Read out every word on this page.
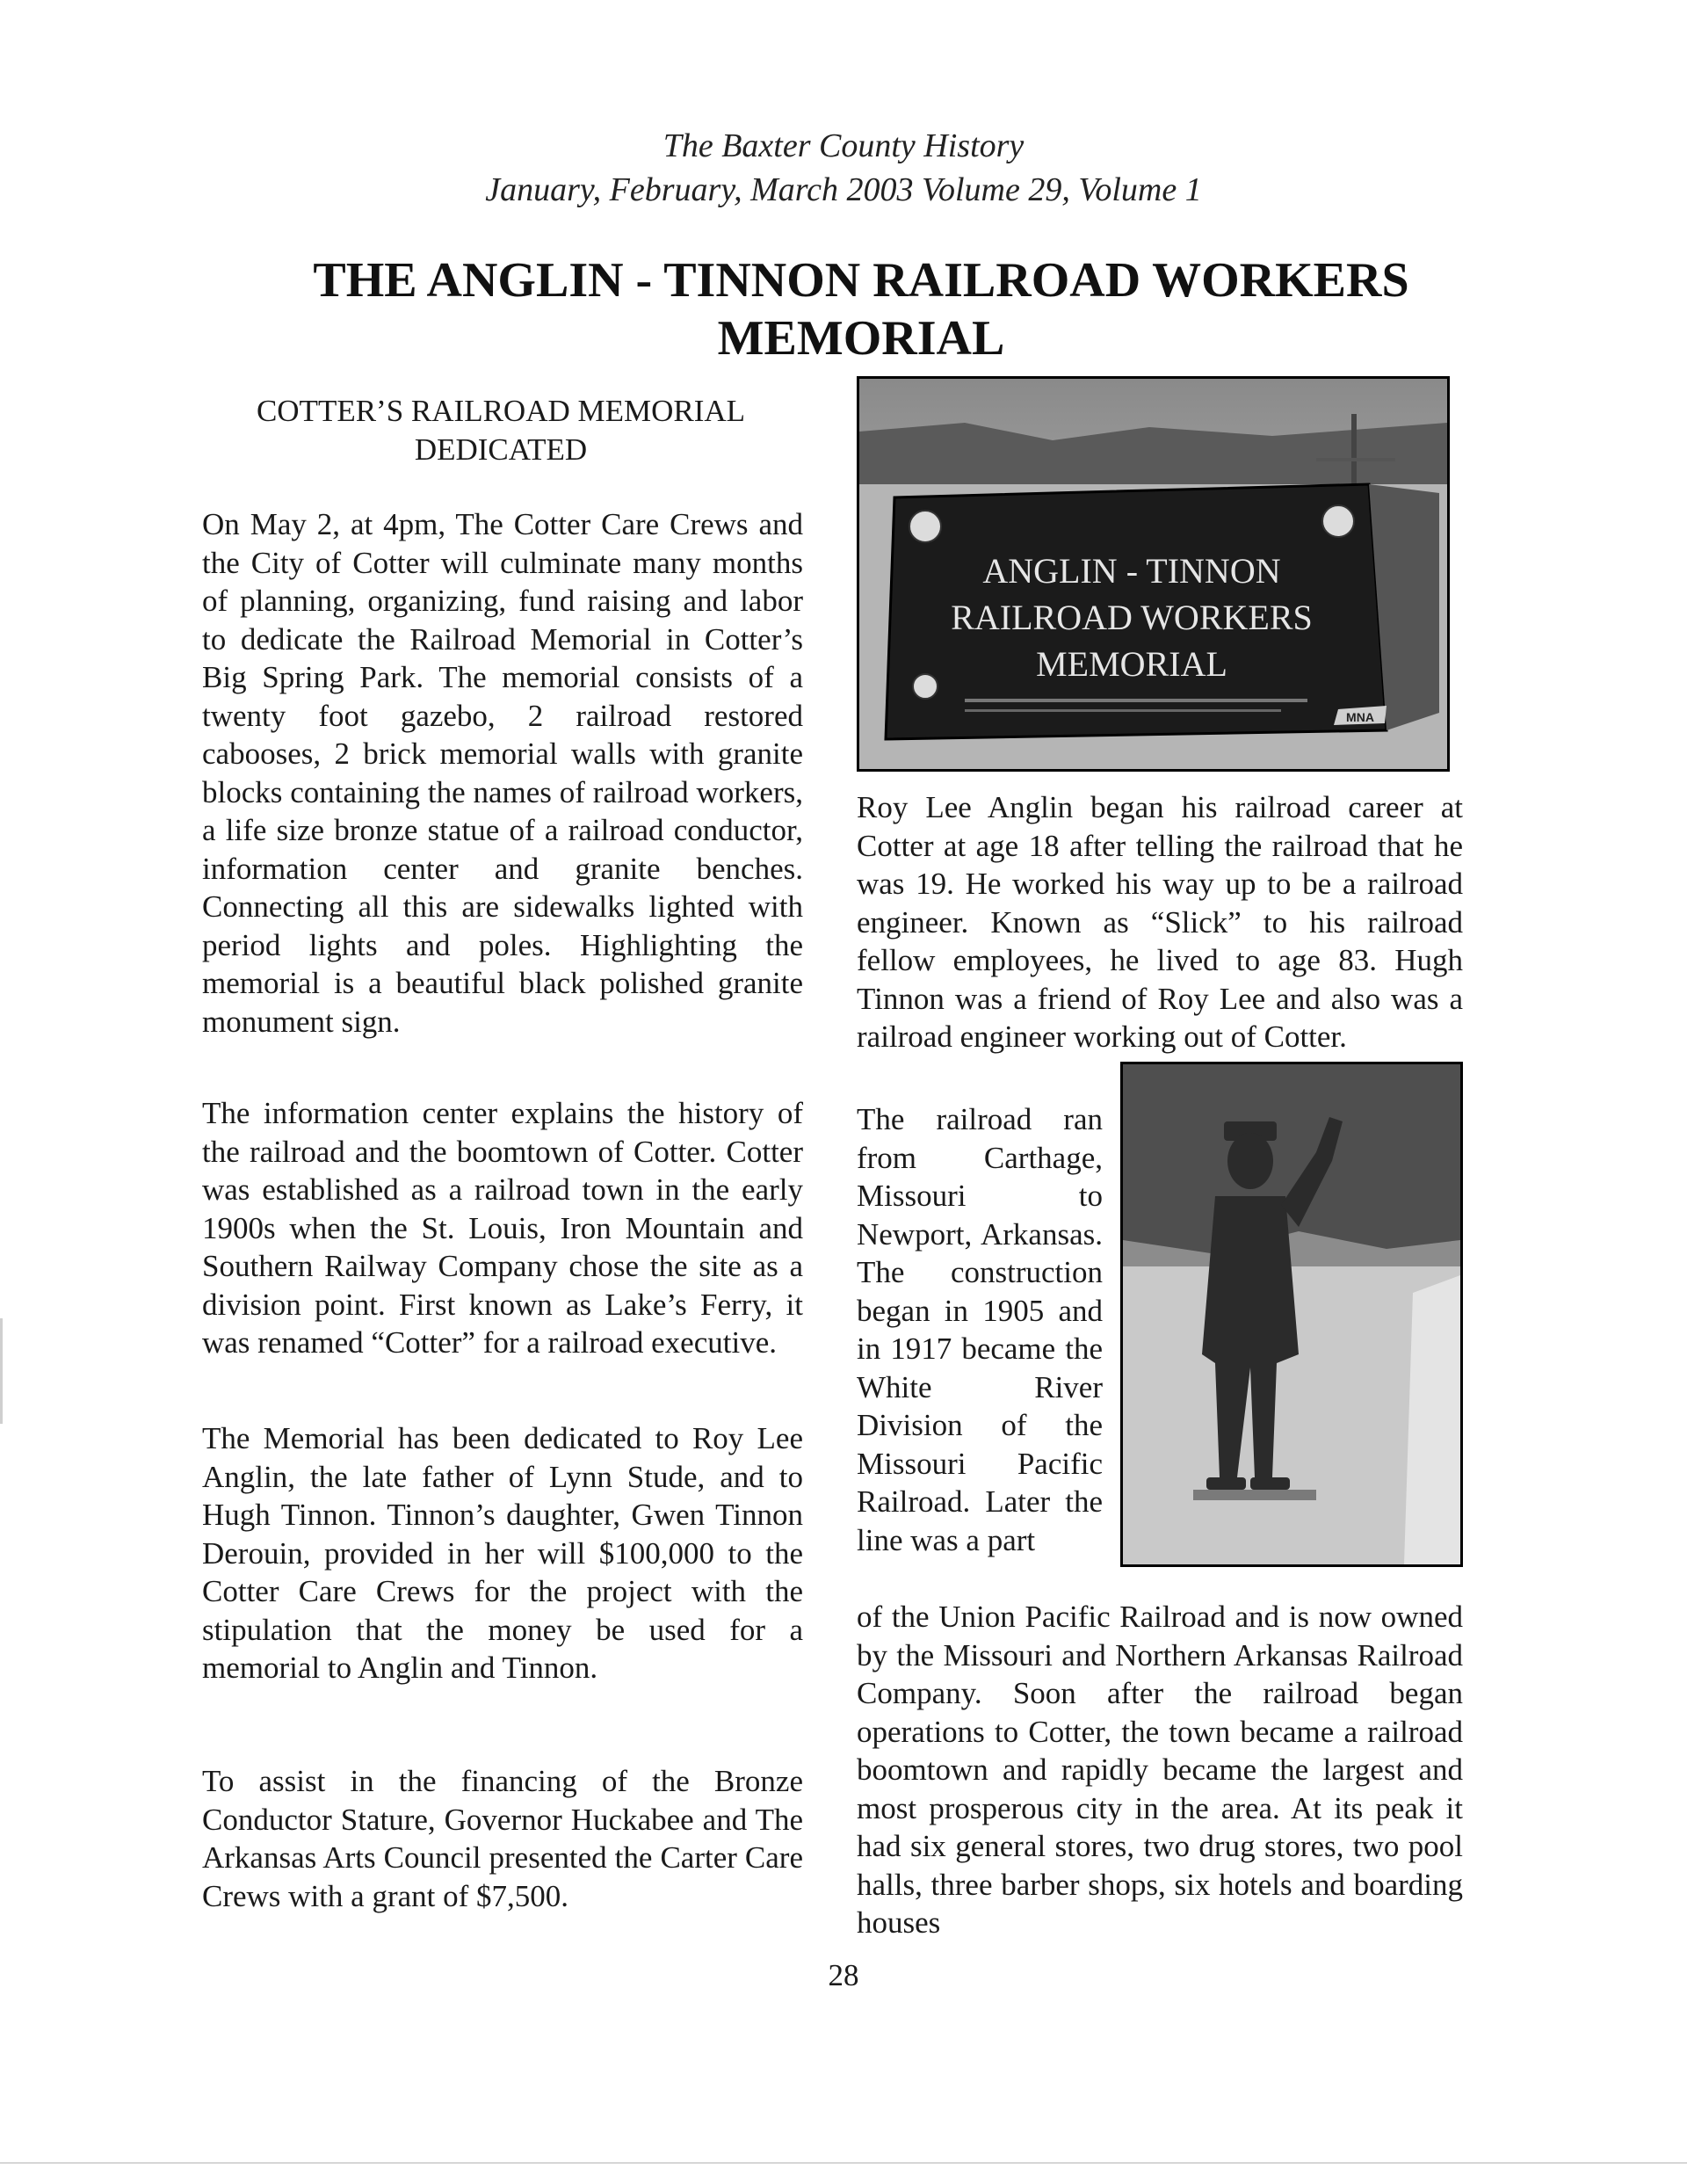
The Baxter County History
January, February, March 2003 Volume 29, Volume 1
THE ANGLIN - TINNON RAILROAD WORKERS
MEMORIAL
COTTER’S RAILROAD MEMORIAL
DEDICATED
On May 2, at 4pm, The Cotter Care Crews and the City of Cotter will culminate many months of planning, organizing, fund raising and labor to dedicate the Railroad Memorial in Cotter’s Big Spring Park. The memorial consists of a twenty foot gazebo, 2 railroad restored cabooses, 2 brick memorial walls with granite blocks containing the names of railroad workers, a life size bronze statue of a railroad conductor, information center and granite benches. Connecting all this are sidewalks lighted with period lights and poles. Highlighting the memorial is a beautiful black polished granite monument sign.
The information center explains the history of the railroad and the boomtown of Cotter. Cotter was established as a railroad town in the early 1900s when the St. Louis, Iron Mountain and Southern Railway Company chose the site as a division point. First known as Lake’s Ferry, it was renamed “Cotter” for a railroad executive.
The Memorial has been dedicated to Roy Lee Anglin, the late father of Lynn Stude, and to Hugh Tinnon. Tinnon’s daughter, Gwen Tinnon Derouin, provided in her will $100,000 to the Cotter Care Crews for the project with the stipulation that the money be used for a memorial to Anglin and Tinnon.
To assist in the financing of the Bronze Conductor Stature, Governor Huckabee and The Arkansas Arts Council presented the Carter Care Crews with a grant of $7,500.
ANGLIN - TINNON
RAILROAD WORKERS
MEMORIAL
MNA
Roy Lee Anglin began his railroad career at Cotter at age 18 after telling the railroad that he was 19. He worked his way up to be a railroad engineer. Known as “Slick” to his railroad fellow employees, he lived to age 83. Hugh Tinnon was a friend of Roy Lee and also was a railroad engineer working out of Cotter.
The railroad ran from Carthage, Missouri to Newport, Arkansas. The construction began in 1905 and in 1917 became the White River Division of the Missouri Pacific Railroad. Later the line was a part
of the Union Pacific Railroad and is now owned by the Missouri and Northern Arkansas Railroad Company. Soon after the railroad began operations to Cotter, the town became a railroad boomtown and rapidly became the largest and most prosperous city in the area. At its peak it had six general stores, two drug stores, two pool halls, three barber shops, six hotels and boarding houses
28
